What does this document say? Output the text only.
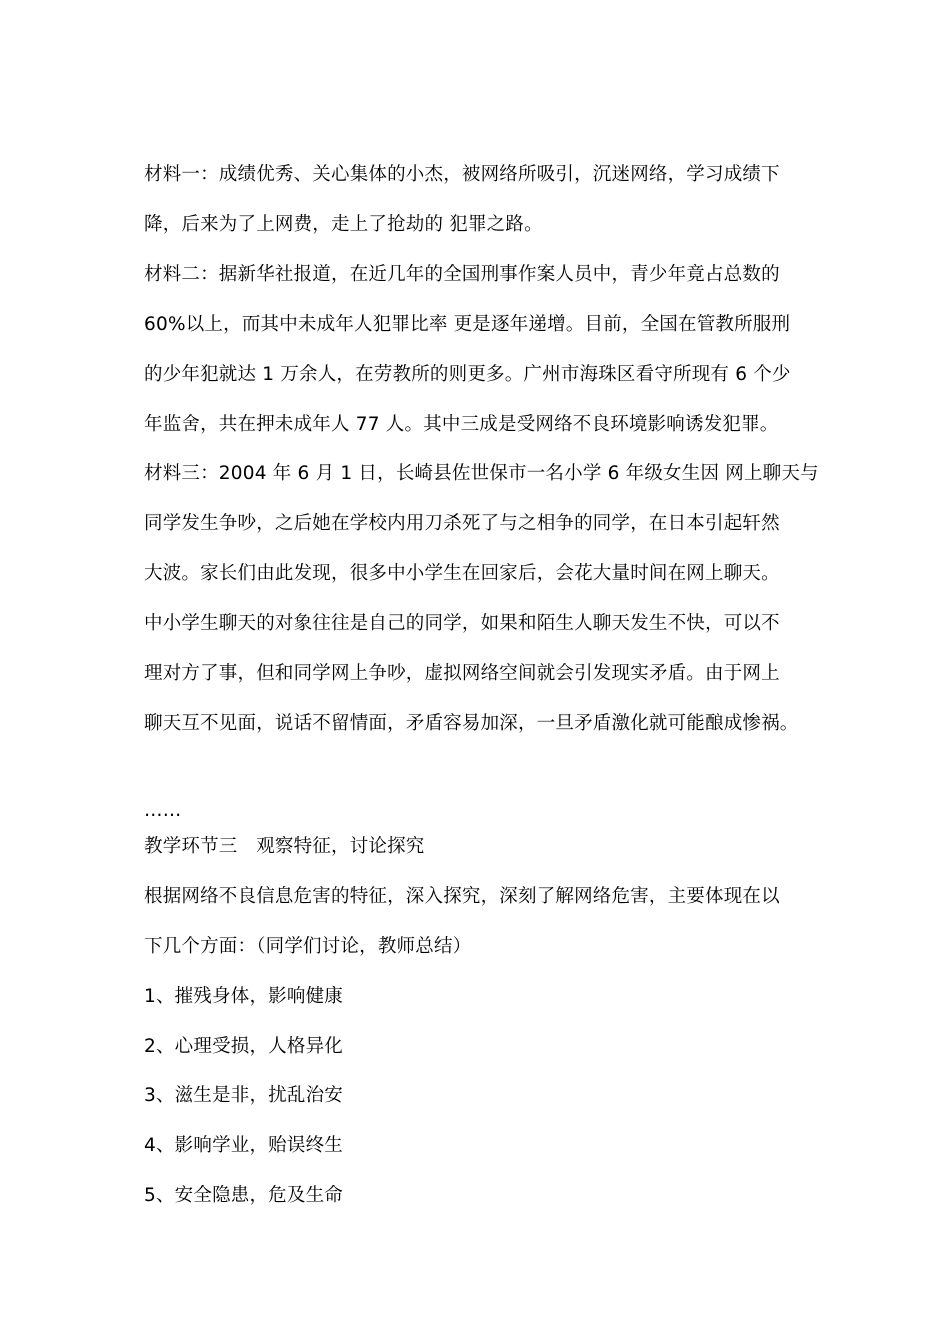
材料一：成绩优秀、关心集体的小杰，被网络所吸引，沉迷网络，学习成绩下
降，后来为了上网费，走上了抢劫的 犯罪之路。
材料二：据新华社报道，在近几年的全国刑事作案人员中，青少年竟占总数的
60%以上，而其中未成年人犯罪比率 更是逐年递增。目前，全国在管教所服刑
的少年犯就达 1 万余人，在劳教所的则更多。广州市海珠区看守所现有 6 个少
年监舍，共在押未成年人 77 人。其中三成是受网络不良环境影响诱发犯罪。
材料三：2004 年 6 月 1 日，长崎县佐世保市一名小学 6 年级女生因 网上聊天与
同学发生争吵，之后她在学校内用刀杀死了与之相争的同学，在日本引起轩然
大波。家长们由此发现，很多中小学生在回家后，会花大量时间在网上聊天。
中小学生聊天的对象往往是自己的同学，如果和陌生人聊天发生不快，可以不
理对方了事，但和同学网上争吵，虚拟网络空间就会引发现实矛盾。由于网上
聊天互不见面，说话不留情面，矛盾容易加深，一旦矛盾激化就可能酿成惨祸。
……
教学环节三　观察特征，讨论探究
根据网络不良信息危害的特征，深入探究，深刻了解网络危害，主要体现在以
下几个方面：（同学们讨论，教师总结）
1、摧残身体，影响健康
2、心理受损，人格异化
3、滋生是非，扰乱治安
4、影响学业，贻误终生
5、安全隐患，危及生命
